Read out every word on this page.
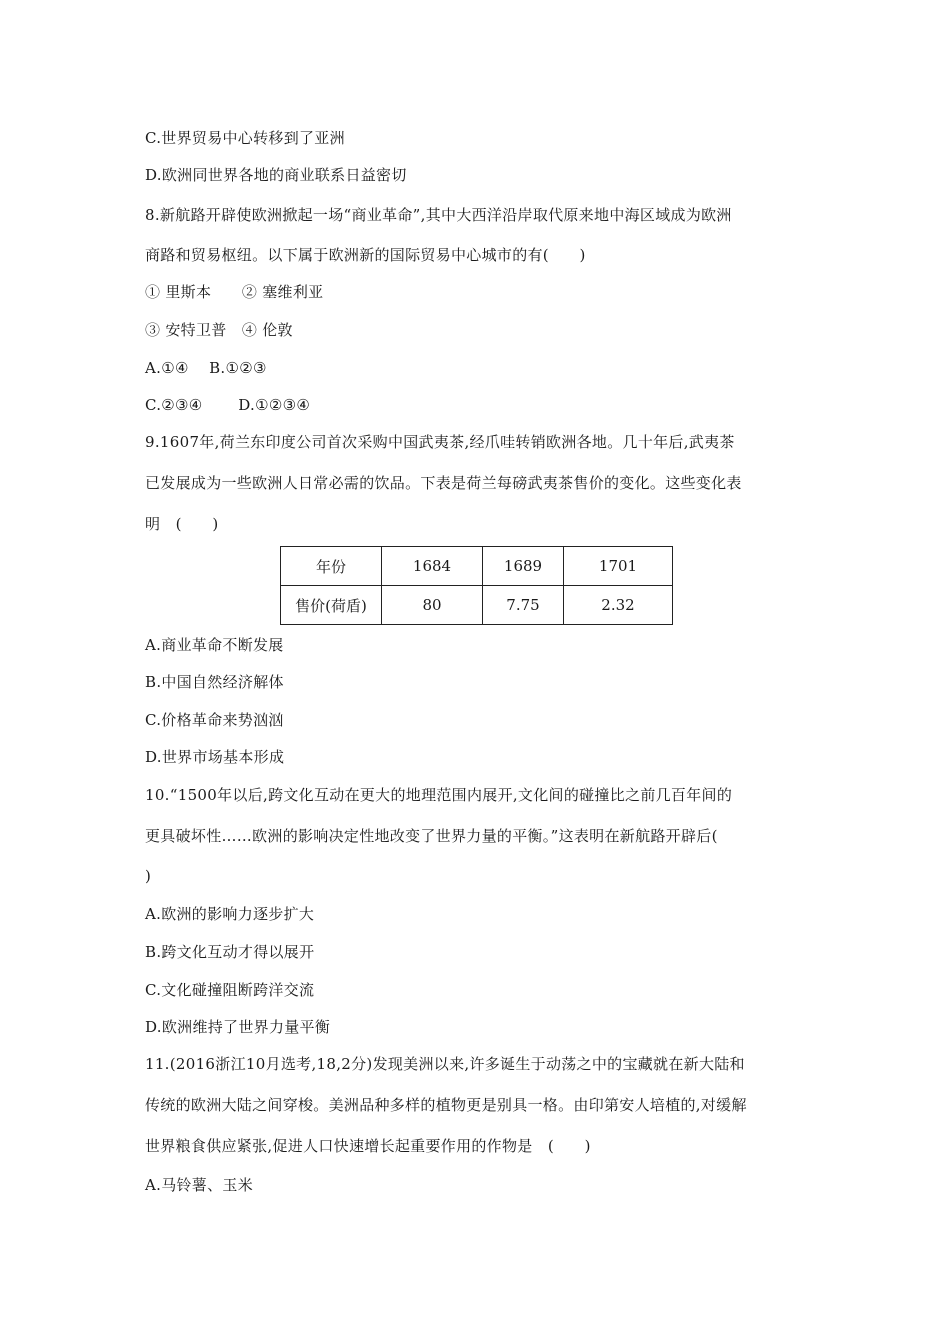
C.世界贸易中心转移到了亚洲
D.欧洲同世界各地的商业联系日益密切
8.新航路开辟使欧洲掀起一场“商业革命”,其中大西洋沿岸取代原来地中海区域成为欧洲
商路和贸易枢纽。以下属于欧洲新的国际贸易中心城市的有(　　)
① 里斯本　　② 塞维利亚
③ 安特卫普　④ 伦敦
A.①④　 B.①②③
C.②③④　　 D.①②③④
9.1607年,荷兰东印度公司首次采购中国武夷茶,经爪哇转销欧洲各地。几十年后,武夷茶
已发展成为一些欧洲人日常必需的饮品。下表是荷兰每磅武夷茶售价的变化。这些变化表
明　(　　)
年份	1684	1689	1701
售价(荷盾)	80	7.75	2.32
A.商业革命不断发展
B.中国自然经济解体
C.价格革命来势汹汹
D.世界市场基本形成
10.“1500年以后,跨文化互动在更大的地理范围内展开,文化间的碰撞比之前几百年间的
更具破坏性……欧洲的影响决定性地改变了世界力量的平衡。”这表明在新航路开辟后(
)
A.欧洲的影响力逐步扩大
B.跨文化互动才得以展开
C.文化碰撞阻断跨洋交流
D.欧洲维持了世界力量平衡
11.(2016浙江10月选考,18,2分)发现美洲以来,许多诞生于动荡之中的宝藏就在新大陆和
传统的欧洲大陆之间穿梭。美洲品种多样的植物更是别具一格。由印第安人培植的,对缓解
世界粮食供应紧张,促进人口快速增长起重要作用的作物是　(　　)
A.马铃薯、玉米
